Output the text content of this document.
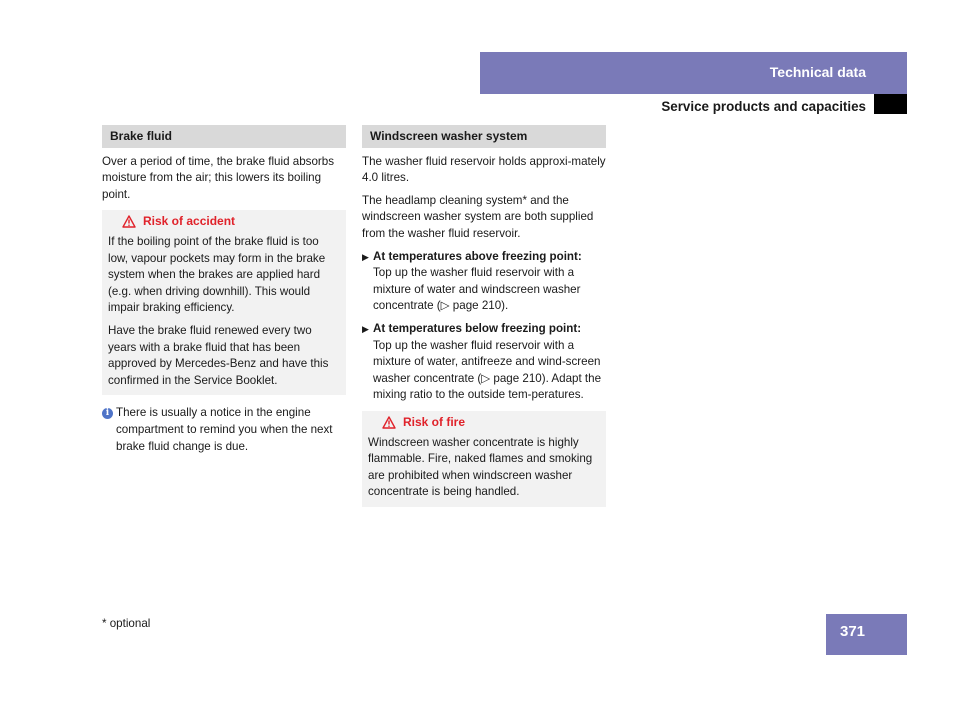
Technical data
Service products and capacities
Brake fluid

Over a period of time, the brake fluid absorbs moisture from the air; this lowers its boiling point.

Risk of accident

If the boiling point of the brake fluid is too low, vapour pockets may form in the brake system when the brakes are applied hard (e.g. when driving downhill). This would impair braking efficiency.

Have the brake fluid renewed every two years with a brake fluid that has been approved by Mercedes-Benz and have this confirmed in the Service Booklet.

i There is usually a notice in the engine compartment to remind you when the next brake fluid change is due.
Windscreen washer system

The washer fluid reservoir holds approxi-mately 4.0 litres.

The headlamp cleaning system* and the windscreen washer system are both supplied from the washer fluid reservoir.

▶ At temperatures above freezing point:
Top up the washer fluid reservoir with a mixture of water and windscreen washer concentrate (▷ page 210).
▶ At temperatures below freezing point:
Top up the washer fluid reservoir with a mixture of water, antifreeze and wind-screen washer concentrate (▷ page 210). Adapt the mixing ratio to the outside tem-peratures.
Risk of fire

Windscreen washer concentrate is highly flammable. Fire, naked flames and smoking are prohibited when windscreen washer concentrate is being handled.

* optional	371
